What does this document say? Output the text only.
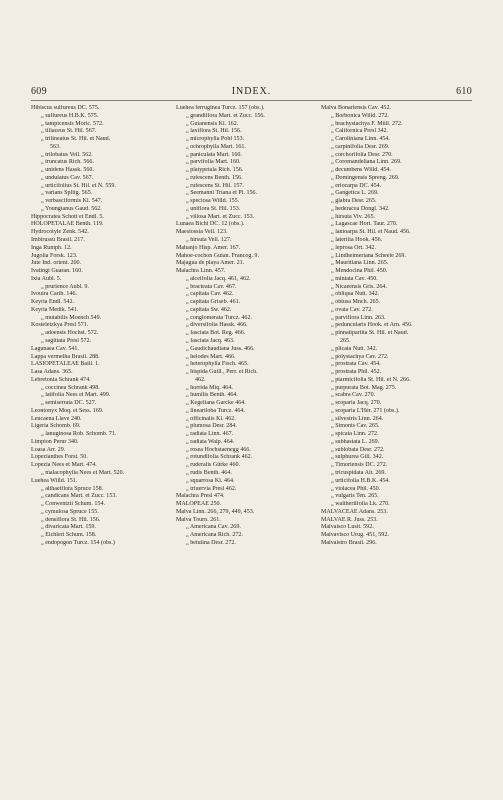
609	INDEX.	610
Hibiscus sulfureus DC. 575.
„ sulfureus H.B.K. 575.
„ tampicensis Moric. 572.
„ tiliaceus St. Hil. 567.
„ trilineatus St. Hil. et Naud.
563.
„ trilobatus Vell. 562.
„ truncatus Rich. 566.
„ unidens Hassk. 560.
„ undulatus Cav. 567.
„ urticifolius St. Hil. et N. 559.
„ varians Splitg. 565.
„ verbasciformis Kl. 547.
„ Youngianus Gaud. 562.
Hippocratea Schott et Endl. 5.
HOLOPETALAE Benth. 119.
Hydrocotyle Zenk. 542.
Imbirussú Brasil. 217.
Inga Rumph. 12.
Jugolia Forsk. 123.
Jute Ind. orient. 200.
Ivatingi Guaran. 160.
Ixia Aubl. 5.
„ prurience Aubl. 9.
Ivouira Carib. 146.
Keyria Endl. 542.
Keyria Medik. 541.
„ mutabilis Moench 549.
Kosteletzkya Presl 571.
„ adoensis Hochst. 572.
„ sagittata Presl 572.
Lagunaea Cav. 541.
Lappa vermelha Brasil. 288.
LASIOPETALEAE Baill. 1.
Lasa Adans. 365.
Lebretonia Schrank 474.
„ coccinea Schrank 498.
„ latifolia Nees et Mart. 499.
„ semiserrata DC. 527.
Leontonyx Moq. et Sess. 169.
Leucaena Llave 240.
Ligeria Schomb. 69.
„ lanuginosa Rob. Schomb. 71.
Limpion Perur 340.
Loasa Arr. 29.
Lopezianthes Forst. 50.
Lopezia Nees et Mart. 474.
„ malacophylla Nees et Mart. 520.
Luehea Willd. 151.
„ althaeiflora Spruce 158.
„ candicans Mart. et Zucc. 153.
„ Conwentzii Schum. 154.
„ cymulosa Spruce 155.
„ densiflora St. Hil. 156.
„ divaricata Mart. 159.
„ Eichleri Schum. 158.
„ endopogon Turcz. 154 (obs.)
Luehea ferruginea Turcz. 157 (obs.).
„ grandiflora Mart. et Zucc. 156.
„ Guianensis Kl. 162.
„ laxiflora St. Hil. 156.
„ microphylla Pohl 153.
„ ochrophylla Mart. 161.
„ paniculata Mart. 160.
„ parvifolia Mart. 160.
„ platypetala Rich. 156.
„ rufescens Benth. 156.
„ rufescens St. Hil. 157.
„ Seemanni Triana et Pl. 156.
„ speciosa Willd. 155.
„ uniflora St. Hil. 153.
„ villosa Mart. et Zucc. 153.
Lunaea Bichi DC. 12 (obs.).
Maesiossia Vell. 123.
„ hirsuta Vell. 127.
Mahanjo Hisp. Amer. 167.
Mahoe-cochon Guian. Francog. 9.
Majagua de playa Amer. 21.
Malachra Linn. 457.
„ alceifolia Jacq. 461, 462.
„ bracteata Cav. 467.
„ capitata Cav. 462.
„ capitata Griseb. 461.
„ capitata Sw. 462.
„ conglomerata Turcz. 462.
„ diversifolia Hassk. 466.
„ fasciata Bot. Reg. 466.
„ fasciata Jacq. 463.
„ Gaudichaudiana Juss. 466.
„ helodes Mart. 466.
„ heterophylla Fisch. 465.
„ hispida Guill., Perr. et Rich.
462.
„ horrida Miq. 464.
„ humilis Benth. 464.
„ Kegeliana Garcke 464.
„ lineariloba Turcz. 464.
„ officinalis Kl. 462.
„ plumosa Desr. 284.
„ radiata Linn. 467.
„ radiata Walp. 464.
„ rosea Hochstaenegg 466.
„ rotundifolia Schrank 462.
„ ruderalis Gürke 460.
„ rudis Benth. 464.
„ squarrosa Kl. 464.
„ triuervia Presl 462.
Malachra Presl 474.
MALOPEAE 250.
Malva Linn. 266, 279, 449, 453.
Malva Tourn. 261.
„ Americana Cav. 269.
„ Americana Rich. 272.
„ betulina Desr. 272.
Malva Bonariensis Cav. 452.
„ Borbonica Willd. 272.
„ brachystachya F. Müll. 272.
„ Californica Presl 342.
„ Caroliniana Linn. 454.
„ carpinifolia Desr. 269.
„ corchorifolia Desr. 270.
„ Coromandeliana Linn. 269.
„ decumbens Willd. 454.
„ Domingensis Spreng. 269.
„ eriocarpa DC. 454.
„ Gangetica L. 269.
„ glabra Desr. 265.
„ hederacea Dongl. 342.
„ hirsuta Viv. 265.
„ Lagascae Hort. Taur. 270.
„ lanioarpa St. Hil. et Naud. 456.
„ lateritia Hook. 456.
„ leprosa Ort. 342.
„ Lindheimeriana Scheele 269.
„ Mauritiana Linn. 265.
„ Mendocina Phil. 450.
„ miniata Cav. 450.
„ Nicaeensis Gris. 264.
„ obliqua Nutt. 342.
„ obtusa Mnch. 265.
„ ovata Cav. 272.
„ parviflora Linn. 263.
„ peduncularis Hook. et Arn. 456.
„ pinnatipartita St. Hil. et Naud.
265.
„ plicata Nutt. 342.
„ polystachya Cav. 272.
„ prostrata Cav. 454.
„ prostrata Phil. 452.
„ ptarmicifolia St. Hil. et N. 266.
„ purpurata Bot. Mag. 275.
„ scabra Cav. 270.
„ scoparia Jacq. 270.
„ scoparia L'Hér. 271 (obs.).
„ silvestris Linn. 264.
„ Simonis Cav. 265.
„ spicata Linn. 272.
„ subhastata L. 269.
„ sublobata Desr. 272.
„ sulphurea Gill. 342.
„ Timoriensis DC. 272.
„ tricuspidata Ait. 269.
„ urticifolia H.B.K. 454.
„ violacea Phil. 450.
„ vulgaris Ten. 265.
„ waltheriifolia Lk. 270.
MALVACEAE Adans. 253.
MALVAE R. Juss. 253.
Malvaisco Lusit. 592.
Malvavisco Urug. 451, 592.
Malvaistro Brasil. 296.
